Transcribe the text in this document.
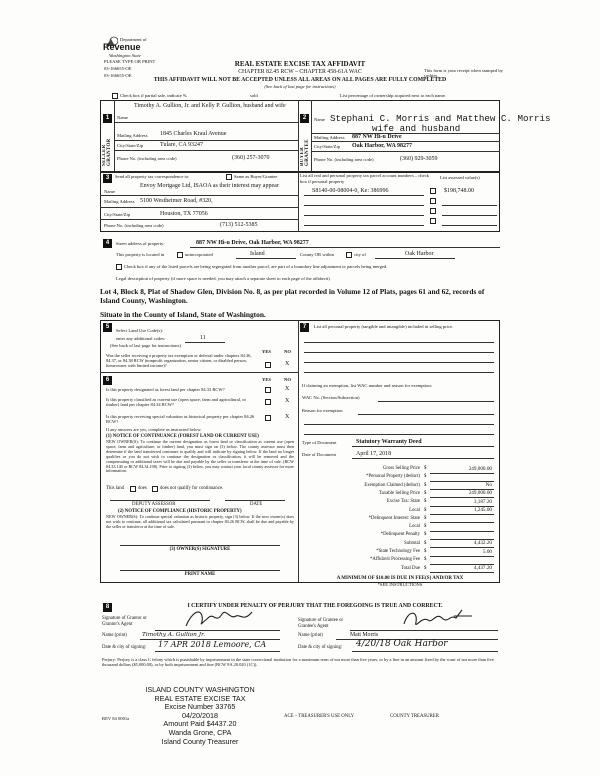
Department of
Revenue
Washington State
PLEASE TYPE OR PRINT
03-166655-OE
03-166655-OE
REAL ESTATE EXCISE TAX AFFIDAVIT
CHAPTER 82.45 RCW – CHAPTER 458-61A WAC
THIS AFFIDAVIT WILL NOT BE ACCEPTED UNLESS ALL AREAS ON ALL PAGES ARE FULLY COMPLETED
(See back of last page for instructions)
This form is your receipt when stamped by cashier.
Check box if partial sale, indicate %	sold	List percentage of ownership acquired next to each name.
1
SELLER GRANTOR
Name
Timothy A. Gullion, Jr. and Kelly P. Gullion, husband and wife
Mailing Address 1845 Charles Kraul Avenue
City/State/Zip	Tulare, CA 93247
Phone No. (including area code)	(360) 257-3070
2
BUYER GRANTEE
Name Stephani C. Morris and Matthew C. Morris
wife and husband
Mailing Address 887 NW Hi-u Drive
City/State/Zip Oak Harbor, WA 98277
Phone No. (including area code)	(360) 929-3059
3	Send all property tax correspondence to:	Same as Buyer/Grantee
Name
Envoy Mortgage Ltd, ISAOA as their interest may appear
Mailing Address 5100 Westheimer Road, #320,
City/State/Zip	Houston, TX 77056
Phone No. (including area code)	(713) 512-5385
List all real and personal property tax parcel account numbers – check box if personal property
List assessed value(s)
S8140-00-08004-0, Ke: 386996	$198,748.00
4	Street address of property:	887 NW Hi-u Drive, Oak Harbor, WA 98277
This property is located in	unincorporated	Island	County OR within	city of	Oak Harbor
Check box if any of the listed parcels are being segregated from another parcel, are part of a boundary line adjustment or parcels being merged.
Legal description of property (if more space is needed, you may attach a separate sheet to each page of the affidavit)
Lot 4, Block 8, Plat of Shadow Glen, Division No. 8, as per plat recorded in Volume 12 of Plats, pages 61 and 62, records of Island County, Washington.
Situate in the County of Island, State of Washington.
5
Select Land Use Code(s):
enter any additional codes:	11
(See back of last page for instructions)
YES	NO
Was the seller receiving a property tax exemption or deferral under chapters 84.36, 84.37, or 84.38 RCW (nonprofit organization, senior citizen, or disabled person, homeowner with limited income)?	X
6	YES	NO
Is this property designated as forest land per chapter 84.33 RCW?	X
Is this property classified as current use (open space, farm and agricultural, or timber) land per chapter 84.34 RCW?
X
Is this property receiving special valuation as historical property per chapter 84.26 RCW?
X
If any answers are yes, complete as instructed below.
(1) NOTICE OF CONTINUANCE (FOREST LAND OR CURRENT USE)
NEW OWNER(S): To continue the current designation as forest land or classification as current use (open space, farm and agriculture, or timber) land, you must sign on (3) below. The county assessor must then determine if the land transferred continues to qualify and will indicate by signing below. If the land no longer qualifies or you do not wish to continue the designation or classification, it will be removed and the compensating or additional taxes will be due and payable by the seller or transferor at the time of sale. (RCW 84.33.140 or RCW 84.34.108). Prior to signing (3) below, you may contact your local county assessor for more information.
This land	does	does not qualify for continuance.
DEPUTY ASSESSOR	DATE
(2) NOTICE OF COMPLIANCE (HISTORIC PROPERTY)
NEW OWNER(S): To continue special valuation as historic property, sign (3) below. If the new owner(s) does not wish to continue, all additional tax calculated pursuant to chapter 84.26 RCW, shall be due and payable by the seller or transferor at the time of sale.
(3) OWNER(S) SIGNATURE
PRINT NAME
7	List all personal property (tangible and intangible) included in selling price.
If claiming an exemption, list WAC number and reason for exemption:
WAC No. (Section/Subsection)
Reason for exemption
Type of Document	Statutory Warranty Deed
Date of Document	April 17, 2018
Gross Selling Price $	249,000.00
*Personal Property (deduct) $
Exemption Claimed (deduct) $	No
Taxable Selling Price $	249,000.00
Excise Tax: State $	3,187.20
Local $	1,245.00
*Delinquent Interest: State $
Local $
*Delinquent Penalty $
Subtotal $	4,432.20
*State Technology Fee $	5.00
*Affidavit Processing Fee $
Total Due $	4,437.20
A MINIMUM OF $10.00 IS DUE IN FEE(S) AND/OR TAX
*SEE INSTRUCTIONS
8	I CERTIFY UNDER PENALTY OF PERJURY THAT THE FOREGOING IS TRUE AND CORRECT.
Signature of Grantor or Grantor's Agent
Name (print)	Timothy A. Gullion Jr.
Date & city of signing: 17 APR 2018 Lemoore, CA
Signature of Grantee or Grantee's Agent
Name (print)	Matt Morris
Date & city of signing: 4/20/18 Oak Harbor
Perjury: Perjury is a class C felony which is punishable by imprisonment in the state correctional institution for a maximum term of not more than five years, or by a fine in an amount fixed by the court of not more than five thousand dollars ($5,000.00), or by both imprisonment and fine (RCW 9A.20.020 (1C)).
ISLAND COUNTY WASHINGTON
REAL ESTATE EXCISE TAX
Excise Number 33765
04/20/2018
Amount Paid $4437.20
Wanda Grone, CPA
Island County Treasurer
REV 84 0001a	ACE – TREASURER'S USE ONLY	COUNTY TREASURER
